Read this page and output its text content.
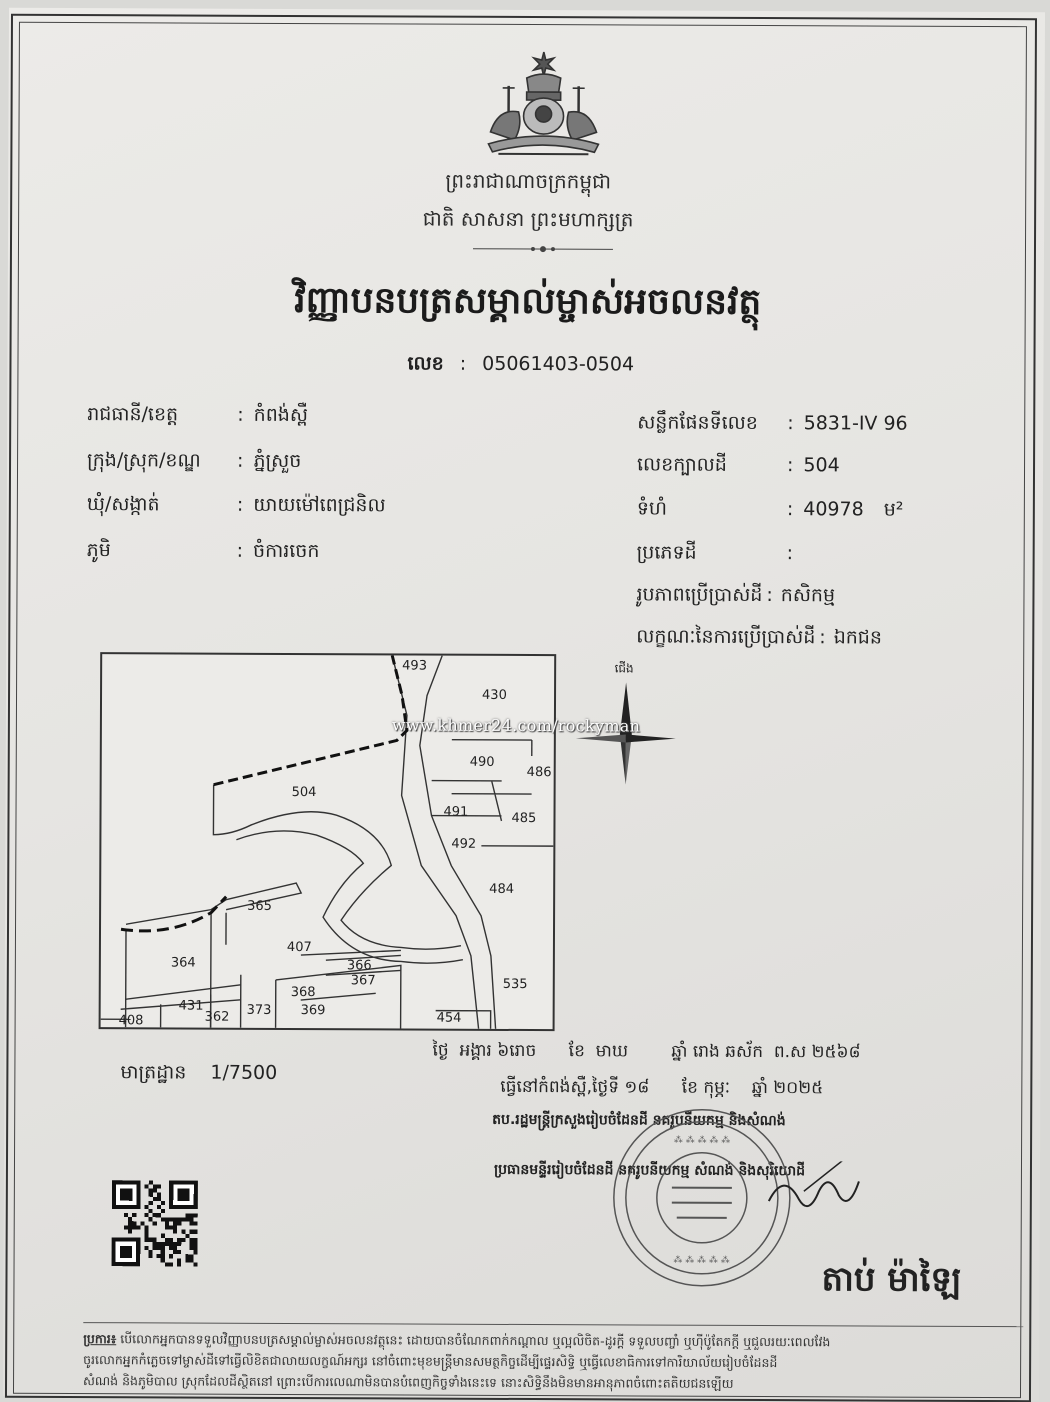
ព្រះរាជាណាចក្រកម្ពុជា
ជាតិ សាសនា ព្រះមហាក្សត្រ
វិញ្ញាបនបត្រសម្គាល់ម្ចាស់អចលនវត្ថុ
លេខ : 05061403-0504
រាជធានី/ខេត្ត	: កំពង់ស្ពឺ
ក្រុង/ស្រុក/ខណ្ឌ : ភ្នំស្រួច
ឃុំ/សង្កាត់	: យាយម៉ៅពេជ្រនិល
ភូមិ	: ចំការចេក
សន្លឹកផែនទីលេខ : 5831-IV 96
លេខក្បាលដី	: 504
ទំហំ	: 40978 ម²
ប្រភេទដី	:
រូបភាពប្រើប្រាស់ដី : កសិកម្ម
លក្ខណៈនៃការប្រើប្រាស់ដី : ឯកជន
493
430
490
486
504
491	485
492
484
365
407
364	366
367	535
368
369
431
362 373
408	454
ជើង
www.khmer24.com/rockyman
មាត្រដ្ឋាន 1/7500
ថ្ងៃ  អង្គារ ៦រោច      ខែ  មាឃ        ឆ្នាំ រោង ឆស័ក  ព.ស ២៥៦៨
ធ្វើនៅកំពង់ស្ពឺ,ថ្ងៃទី ១៨      ខែ កុម្ភៈ    ឆ្នាំ ២០២៥
តប.រដ្ឋមន្ត្រីក្រសួងរៀបចំដែនដី នគរូបនីយកម្ម និងសំណង់
ប្រធានមន្ទីររៀបចំដែនដី នគរូបនីយកម្ម សំណង់ និងសុរិយោដី
⁂ ⁂ ⁂ ⁂ ⁂
⁂ ⁂ ⁂ ⁂ ⁂	តាប់ ម៉ាឡៃ
ប្រការ៖ បើលោកអ្នកបានទទួលវិញ្ញាបនបត្រសម្គាល់ម្ចាស់អចលនវត្ថុនេះ ដោយបានចំណែកពាក់កណ្ដាល ឬល្អលិចិត-ដូរក្តី ទទួលបញ្ចាំ ឬហ៊ីប៉ូតែកក្តី ឬជួលរយៈពេលវែង
ចូរលោកអ្នកកំភ្លេចទៅម្ចាស់ដីទៅធ្វើលិខិតជាលាយលក្ខណ៍អក្សរ នៅចំពោះមុខមន្ត្រីមានសមត្ថកិច្ចដើម្បីផ្ទេរសិទ្ធិ ឬធ្វើលេខាធិការទៅការិយាល័យរៀបចំដែនដី
សំណង់ និងភូមិបាល ស្រុកដែលដីស្ថិតនៅ ព្រោះបើការលេណាមិនបានបំពេញកិច្ចទាំងនេះទេ នោះសិទ្ធិនឹងមិនមានអានុភាពចំពោះតតិយជនឡើយ
